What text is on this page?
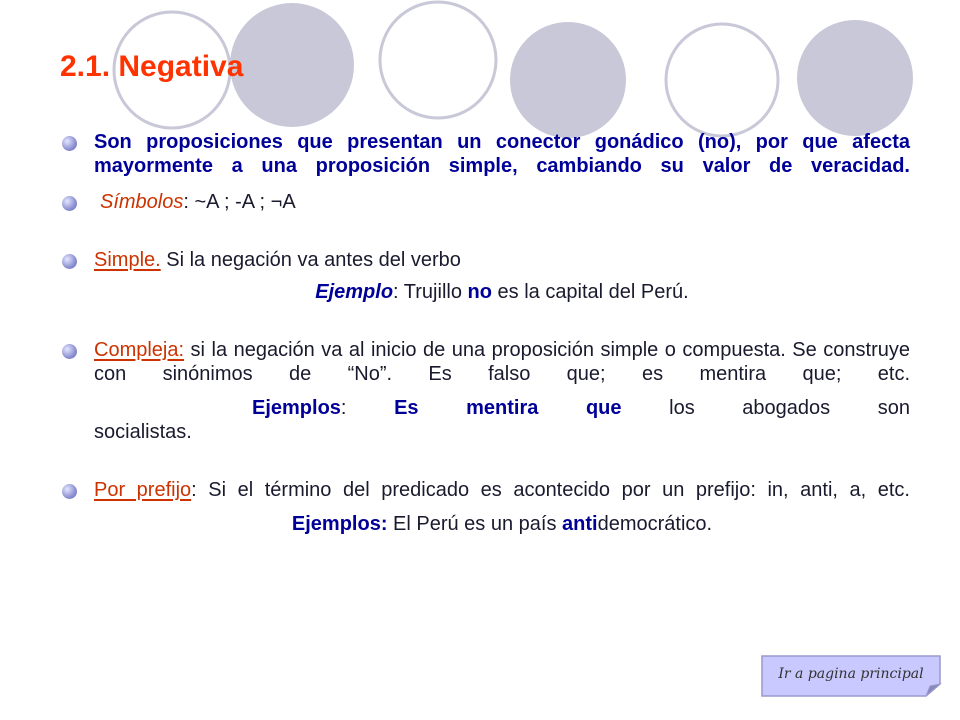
2.1. Negativa
Son proposiciones que presentan un conector gonádico (no), por que afecta mayormente a una proposición simple, cambiando su valor de veracidad.
Símbolos: ~A ; -A ; ¬A
Simple. Si la negación va antes del verbo
Ejemplo: Trujillo no es la capital del Perú.
Compleja: si la negación va al inicio de una proposición simple o compuesta. Se construye con sinónimos de “No”. Es falso que; es mentira que; etc.
Ejemplos: Es mentira que los abogados son socialistas.
Por prefijo: Si el término del predicado es acontecido por un prefijo: in, anti, a, etc.
Ejemplos: El Perú es un país antidemocrático.
Ir a pagina principal
